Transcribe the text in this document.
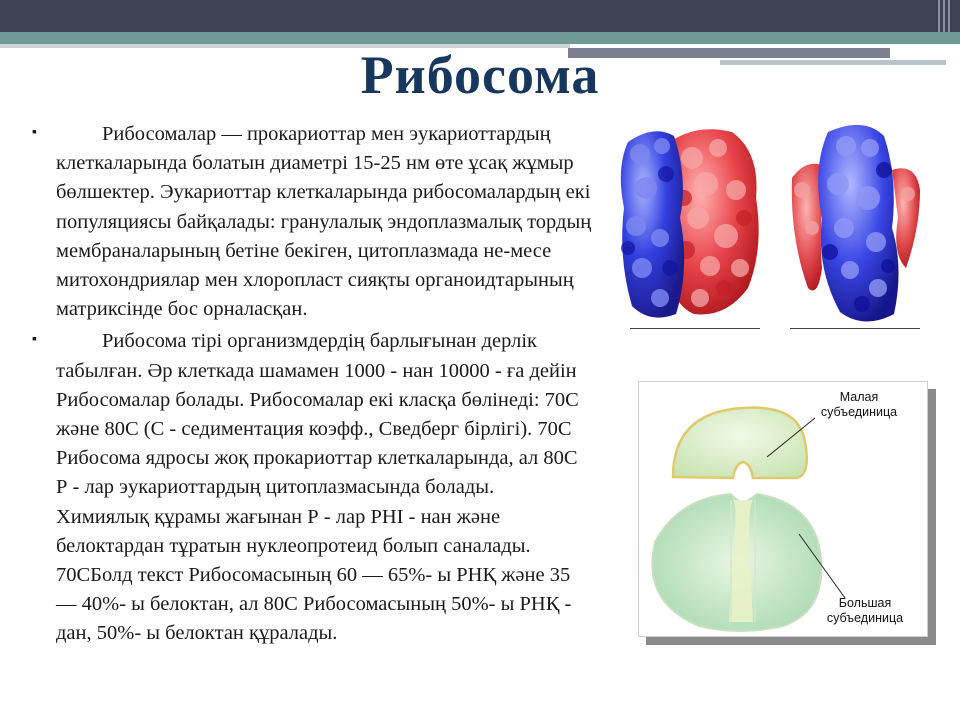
Рибосома

▪	Рибосомалар — прокариоттар мен эукариоттардың клеткаларында болатын диаметрі 15-25 нм өте ұсақ жұмыр бөлшектер. Эукариоттар клеткаларында рибосомалардың екі популяциясы байқалады: гранулалық эндоплазмалық тордың мембраналарының бетіне бекіген, цитоплазмада не-месе митохондриялар мен хлоропласт сияқты органоидтарының матриксінде бос орналасқан.

▪	Рибосома тірі организмдердің барлығынан дерлік табылған. Әр клеткада шамамен 1000 - нан 10000 - ға дейін Рибосомалар болады. Рибосомалар екі класқа бөлінеді: 70С және 80С (С - седиментация коэфф., Сведберг бірлігі). 70С Рибосома ядросы жоқ прокариоттар клеткаларында, ал 80С Р - лар эукариоттардың цитоплазмасында болады. Химиялық құрамы жағынан Р - лар РНІ - нан және белоктардан тұратын нуклеопротеид болып саналады. 70СБолд текст Рибосомасының 60 — 65%- ы РНҚ және 35 — 40%- ы белоктан, ал 80С Рибосомасының 50%- ы РНҚ - дан, 50%- ы белоктан құралады.

Малая
субъединица
Большая
субъединица
